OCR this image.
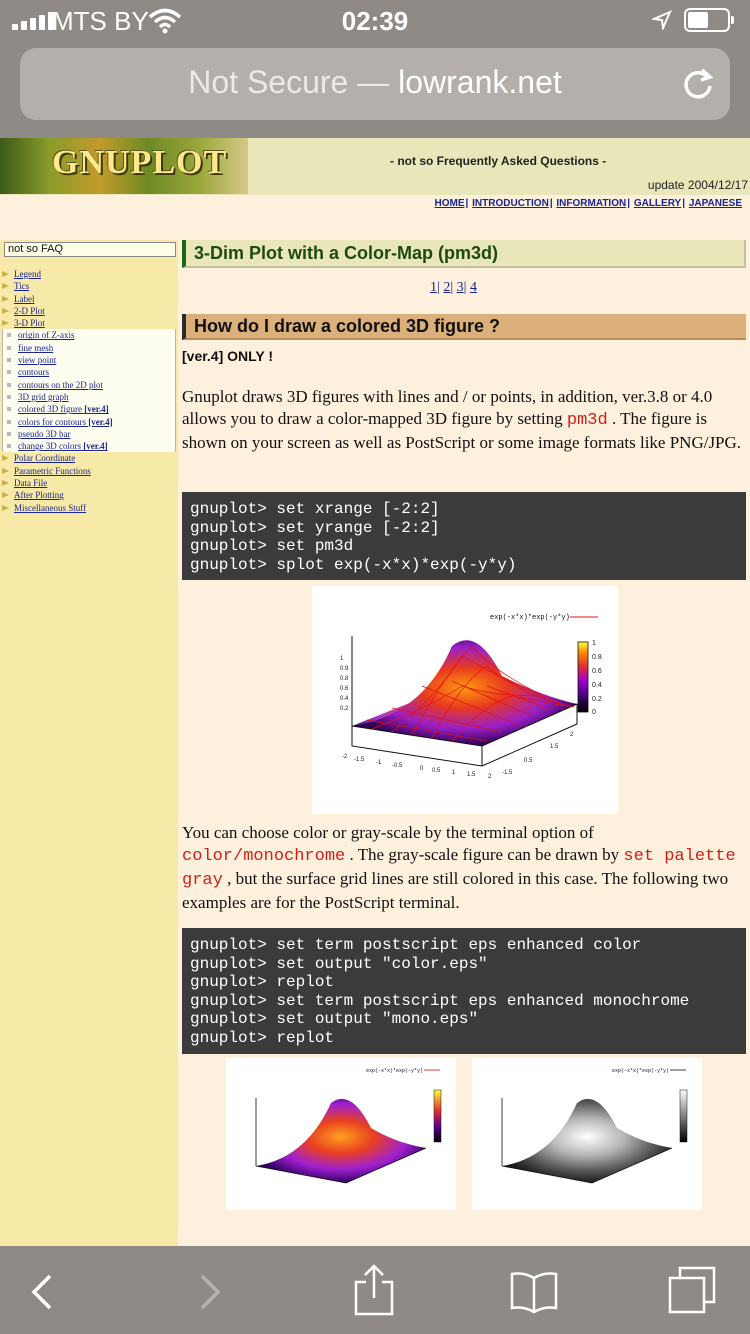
MTS BY	02:39
Not Secure — lowrank.net
GNUPLOT	- not so Frequently Asked Questions -
update 2004/12/17
HOME| INTRODUCTION| INFORMATION| GALLERY| JAPANESE
not so FAQ
Legend
Tics
Label
2-D Plot
3-D Plot
origin of Z-axis
fine mesh
view point
contours
contours on the 2D plot
3D grid graph
colored 3D figure [ver.4]
colors for contours [ver.4]
pseudo 3D bar
change 3D colors [ver.4]
Polar Coordinate
Parametric Functions
Data File
After Plotting
Miscellaneous Stuff
3-Dim Plot with a Color-Map (pm3d)
1| 2| 3| 4
How do I draw a colored 3D figure ?
[ver.4] ONLY !
Gnuplot draws 3D figures with lines and / or points, in addition, ver.3.8 or 4.0 allows you to draw a color-mapped 3D figure by setting pm3d . The figure is shown on your screen as well as PostScript or some image formats like PNG/JPG.
gnuplot> set xrange [-2:2]
gnuplot> set yrange [-2:2]
gnuplot> set pm3d
gnuplot> splot exp(-x*x)*exp(-y*y)
exp(-x*x)*exp(-y*y)
1
0.9
0.8
0.6
0.4
0.2
-2 -1.5 -1 -0.5	0 0.5 1 1.5 2
-1.5
0.5
1.5
2
1
0.8
0.6
0.4
0.2
0
You can choose color or gray-scale by the terminal option of color/monochrome . The gray-scale figure can be drawn by set palette gray , but the surface grid lines are still colored in this case. The following two examples are for the PostScript terminal.
gnuplot> set term postscript eps enhanced color
gnuplot> set output "color.eps"
gnuplot> replot
gnuplot> set term postscript eps enhanced monochrome
gnuplot> set output "mono.eps"
gnuplot> replot
exp(-x*x)*exp(-y*y)	exp(-x*x)*exp(-y*y)
